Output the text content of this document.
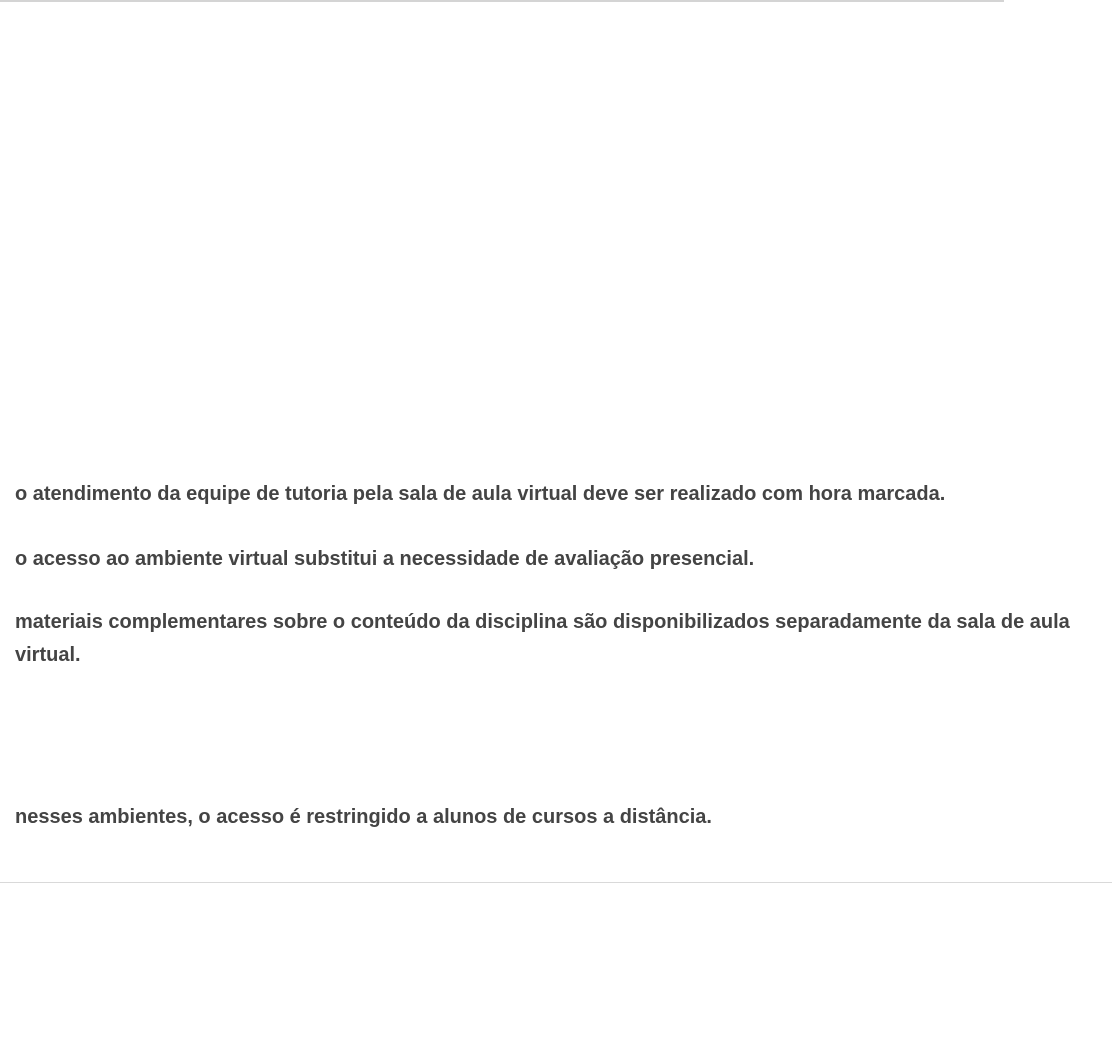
o atendimento da equipe de tutoria pela sala de aula virtual deve ser realizado com hora marcada.

o acesso ao ambiente virtual substitui a necessidade de avaliação presencial.

materiais complementares sobre o conteúdo da disciplina são disponibilizados separadamente da sala de aula virtual.

nesses ambientes, o acesso é restringido a alunos de cursos a distância.
